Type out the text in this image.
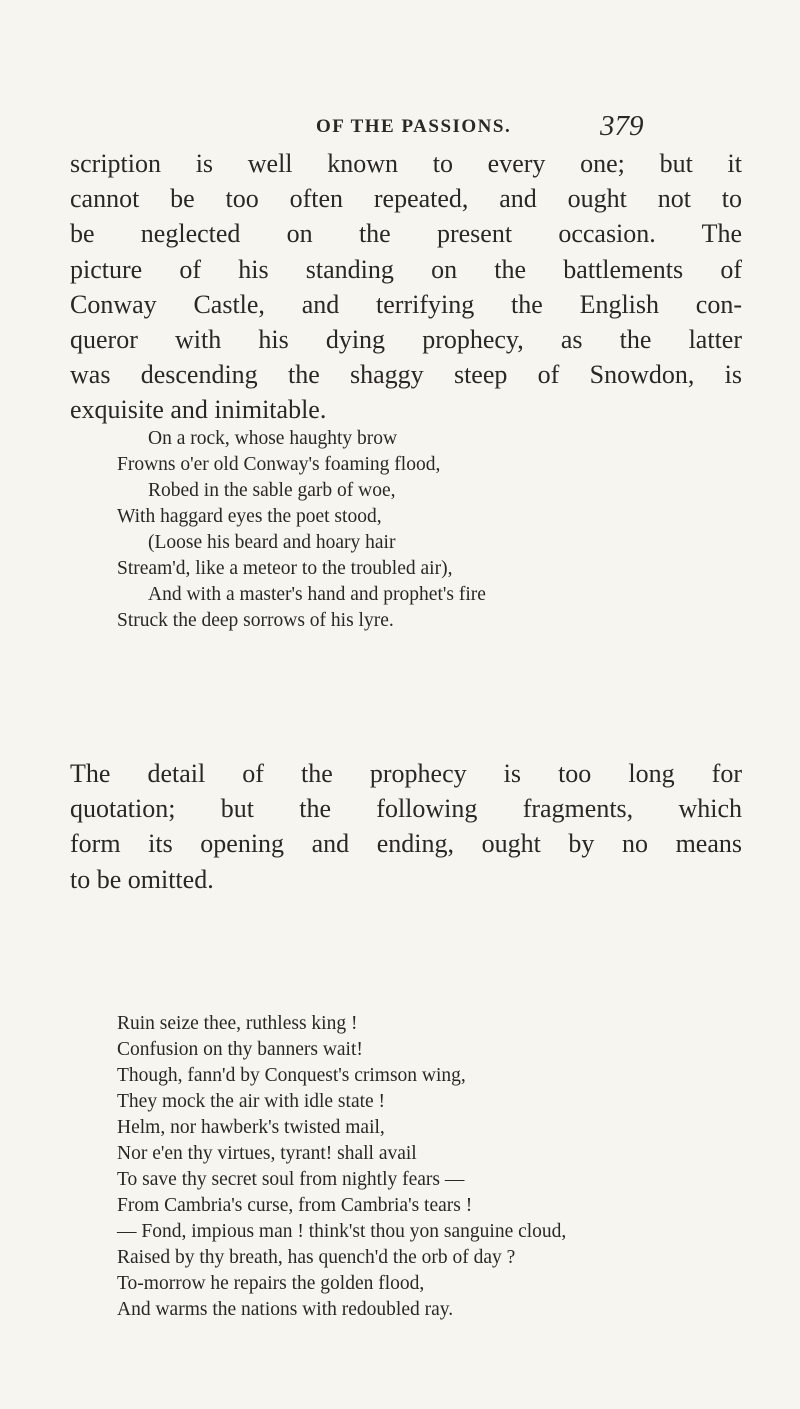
OF THE PASSIONS.	379

scription is well known to every one; but it
cannot be too often repeated, and ought not to
be neglected on the present occasion. The
picture of his standing on the battlements of
Conway Castle, and terrifying the English con-
queror with his dying prophecy, as the latter
was descending the shaggy steep of Snowdon, is
exquisite and inimitable.

On a rock, whose haughty brow
Frowns o'er old Conway's foaming flood,
Robed in the sable garb of woe,
With haggard eyes the poet stood,
(Loose his beard and hoary hair
Stream'd, like a meteor to the troubled air),
And with a master's hand and prophet's fire
Struck the deep sorrows of his lyre.

The detail of the prophecy is too long for
quotation; but the following fragments, which
form its opening and ending, ought by no means
to be omitted.

Ruin seize thee, ruthless king !
Confusion on thy banners wait!
Though, fann'd by Conquest's crimson wing,
They mock the air with idle state !
Helm, nor hawberk's twisted mail,
Nor e'en thy virtues, tyrant! shall avail
To save thy secret soul from nightly fears —
From Cambria's curse, from Cambria's tears !
— Fond, impious man ! think'st thou yon sanguine cloud,
Raised by thy breath, has quench'd the orb of day ?
To-morrow he repairs the golden flood,
And warms the nations with redoubled ray.
